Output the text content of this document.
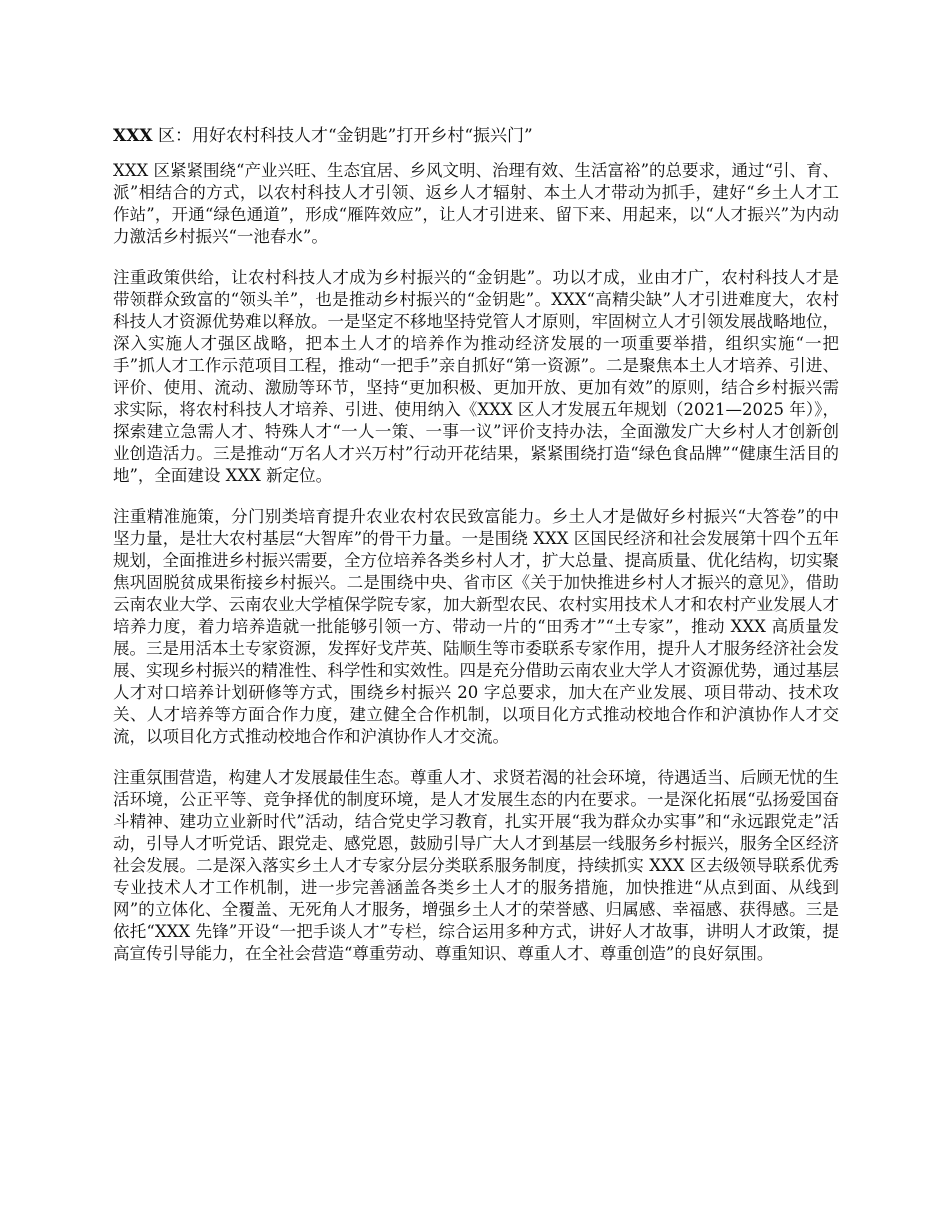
XXX 区：用好农村科技人才“金钥匙”打开乡村“振兴门”

XXX 区紧紧围绕“产业兴旺、生态宜居、乡风文明、治理有效、生活富裕”的总要求，通过“引、育、派”相结合的方式，以农村科技人才引领、返乡人才辐射、本土人才带动为抓手，建好“乡土人才工作站”，开通“绿色通道”，形成“雁阵效应”，让人才引进来、留下来、用起来，以“人才振兴”为内动力激活乡村振兴“一池春水”。

注重政策供给，让农村科技人才成为乡村振兴的“金钥匙”。功以才成，业由才广，农村科技人才是带领群众致富的“领头羊”，也是推动乡村振兴的“金钥匙”。XXX“高精尖缺”人才引进难度大，农村科技人才资源优势难以释放。一是坚定不移地坚持党管人才原则，牢固树立人才引领发展战略地位，深入实施人才强区战略，把本土人才的培养作为推动经济发展的一项重要举措，组织实施“一把手”抓人才工作示范项目工程，推动“一把手”亲自抓好“第一资源”。二是聚焦本土人才培养、引进、评价、使用、流动、激励等环节，坚持“更加积极、更加开放、更加有效”的原则，结合乡村振兴需求实际，将农村科技人才培养、引进、使用纳入《XXX 区人才发展五年规划（2021—2025 年）》，探索建立急需人才、特殊人才“一人一策、一事一议”评价支持办法，全面激发广大乡村人才创新创业创造活力。三是推动“万名人才兴万村”行动开花结果，紧紧围绕打造“绿色食品牌”“健康生活目的地”，全面建设 XXX 新定位。

注重精准施策，分门别类培育提升农业农村农民致富能力。乡土人才是做好乡村振兴“大答卷”的中坚力量，是壮大农村基层“大智库”的骨干力量。一是围绕 XXX 区国民经济和社会发展第十四个五年规划，全面推进乡村振兴需要，全方位培养各类乡村人才，扩大总量、提高质量、优化结构，切实聚焦巩固脱贫成果衔接乡村振兴。二是围绕中央、省市区《关于加快推进乡村人才振兴的意见》，借助云南农业大学、云南农业大学植保学院专家，加大新型农民、农村实用技术人才和农村产业发展人才培养力度，着力培养造就一批能够引领一方、带动一片的“田秀才”“土专家”，推动 XXX 高质量发展。三是用活本土专家资源，发挥好戈芹英、陆顺生等市委联系专家作用，提升人才服务经济社会发展、实现乡村振兴的精准性、科学性和实效性。四是充分借助云南农业大学人才资源优势，通过基层人才对口培养计划研修等方式，围绕乡村振兴 20 字总要求，加大在产业发展、项目带动、技术攻关、人才培养等方面合作力度，建立健全合作机制，以项目化方式推动校地合作和沪滇协作人才交流，以项目化方式推动校地合作和沪滇协作人才交流。

注重氛围营造，构建人才发展最佳生态。尊重人才、求贤若渴的社会环境，待遇适当、后顾无忧的生活环境，公正平等、竞争择优的制度环境，是人才发展生态的内在要求。一是深化拓展“弘扬爱国奋斗精神、建功立业新时代”活动，结合党史学习教育，扎实开展“我为群众办实事”和“永远跟党走”活动，引导人才听党话、跟党走、感党恩，鼓励引导广大人才到基层一线服务乡村振兴，服务全区经济社会发展。二是深入落实乡土人才专家分层分类联系服务制度，持续抓实 XXX 区去级领导联系优秀专业技术人才工作机制，进一步完善涵盖各类乡土人才的服务措施，加快推进“从点到面、从线到网”的立体化、全覆盖、无死角人才服务，增强乡土人才的荣誉感、归属感、幸福感、获得感。三是依托“XXX 先锋”开设“一把手谈人才”专栏，综合运用多种方式，讲好人才故事，讲明人才政策，提高宣传引导能力，在全社会营造“尊重劳动、尊重知识、尊重人才、尊重创造”的良好氛围。
